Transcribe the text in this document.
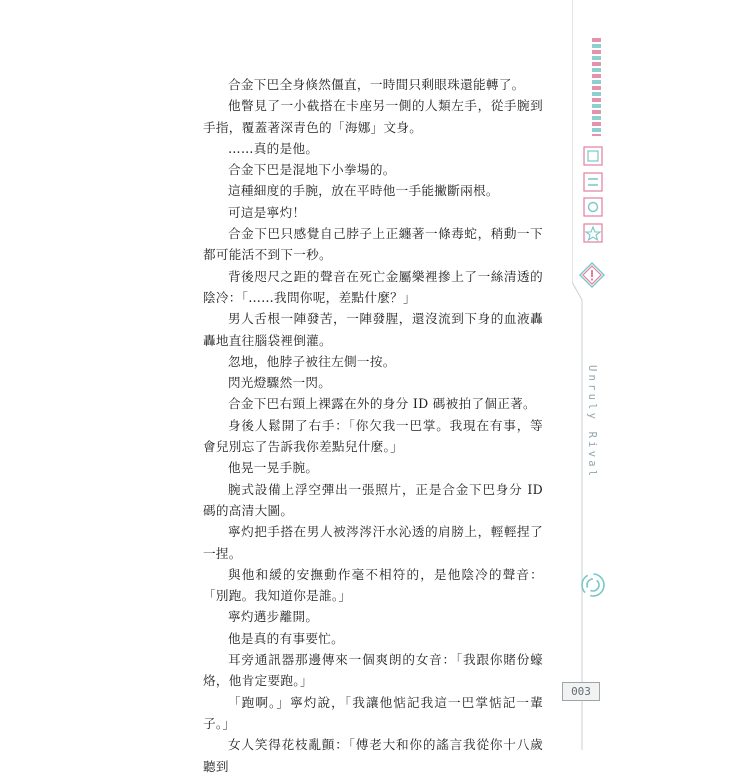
合金下巴全身倏然僵直，一時間只剩眼珠還能轉了。

他瞥見了一小截搭在卡座另一側的人類左手，從手腕到手指，覆蓋著深青色的「海娜」文身。

……真的是他。

合金下巴是混地下小拳場的。

這種細度的手腕，放在平時他一手能撇斷兩根。

可這是寧灼！

合金下巴只感覺自己脖子上正纏著一條毒蛇，稍動一下都可能活不到下一秒。

背後咫尺之距的聲音在死亡金屬樂裡摻上了一絲清透的陰冷：「……我問你呢，差點什麼？」

男人舌根一陣發苦，一陣發腥，還沒流到下身的血液轟轟地直往腦袋裡倒灌。

忽地，他脖子被往左側一按。

閃光燈驟然一閃。

合金下巴右頸上裸露在外的身分 ID 碼被拍了個正著。

身後人鬆開了右手：「你欠我一巴掌。我現在有事，等會兒別忘了告訴我你差點兒什麼。」

他晃一晃手腕。

腕式設備上浮空彈出一張照片，正是合金下巴身分 ID 碼的高清大圖。

寧灼把手搭在男人被涔涔汗水沁透的肩膀上，輕輕捏了一捏。

與他和緩的安撫動作毫不相符的，是他陰冷的聲音：「別跑。我知道你是誰。」

寧灼邁步離開。

他是真的有事要忙。

耳旁通訊器那邊傳來一個爽朗的女音：「我跟你賭份蠔烙，他肯定要跑。」

「跑啊。」寧灼說，「我讓他惦記我這一巴掌惦記一輩子。」

女人笑得花枝亂顫：「傅老大和你的謠言我從你十八歲聽到

Unruly Rival
003
